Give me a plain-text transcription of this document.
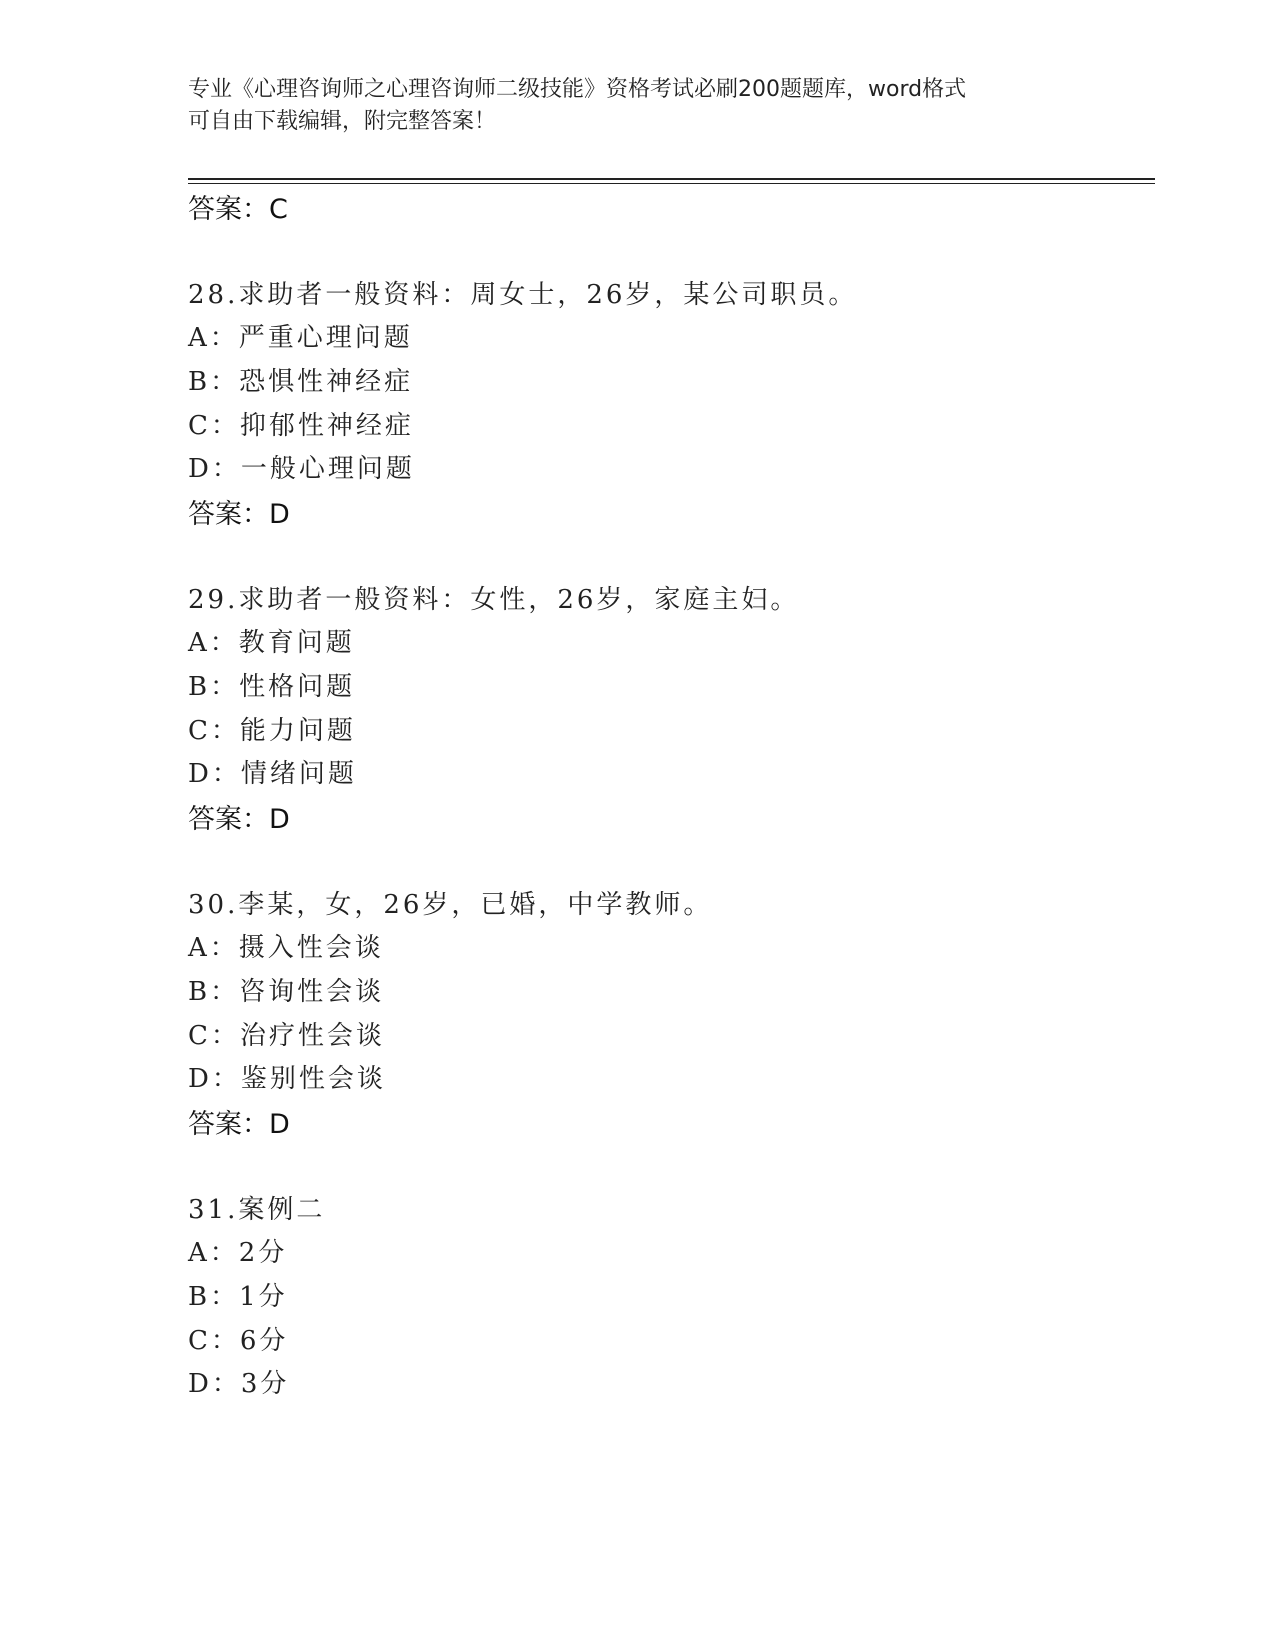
专业《心理咨询师之心理咨询师二级技能》资格考试必刷200题题库，word格式
可自由下载编辑，附完整答案！
答案：C
28.求助者一般资料：周女士，26岁，某公司职员。
A：严重心理问题
B：恐惧性神经症
C：抑郁性神经症
D：一般心理问题
答案：D
29.求助者一般资料：女性，26岁，家庭主妇。
A：教育问题
B：性格问题
C：能力问题
D：情绪问题
答案：D
30.李某，女，26岁，已婚，中学教师。
A：摄入性会谈
B：咨询性会谈
C：治疗性会谈
D：鉴别性会谈
答案：D
31.案例二
A：2分
B：1分
C：6分
D：3分
